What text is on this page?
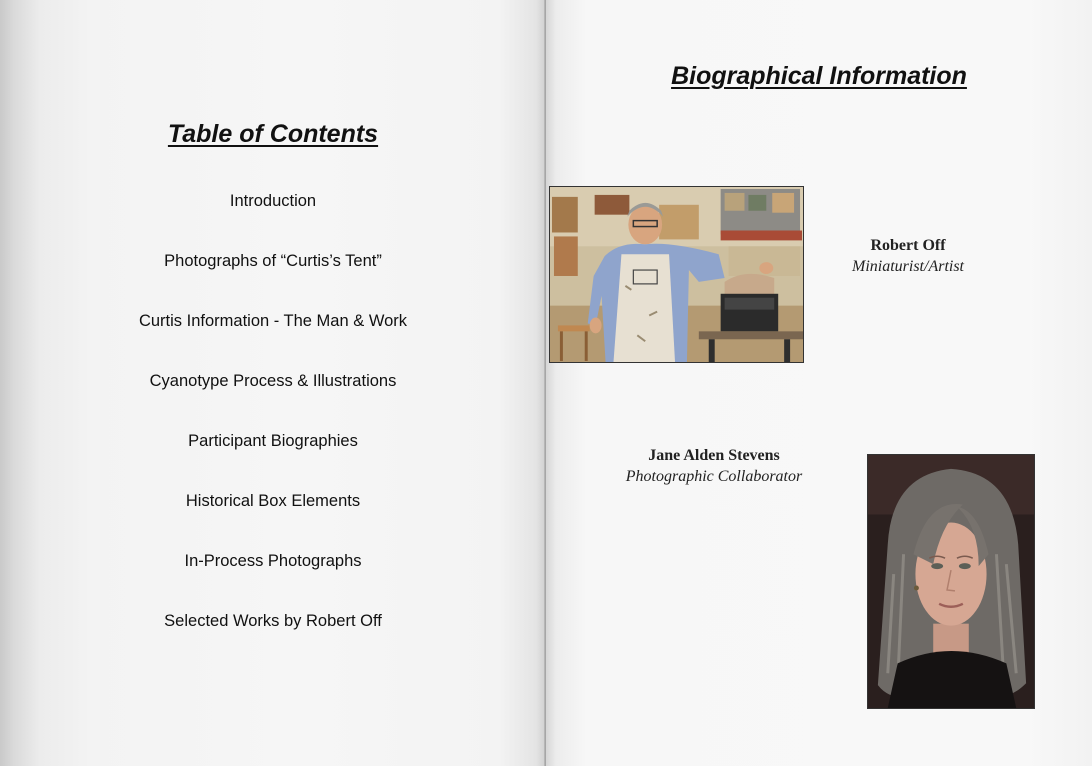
Table of Contents
Introduction
Photographs of “Curtis’s Tent”
Curtis Information - The Man & Work
Cyanotype Process & Illustrations
Participant Biographies
Historical Box Elements
In-Process Photographs
Selected Works by Robert Off
Biographical Information
Robert Off
Miniaturist/Artist
Jane Alden Stevens
Photographic Collaborator
